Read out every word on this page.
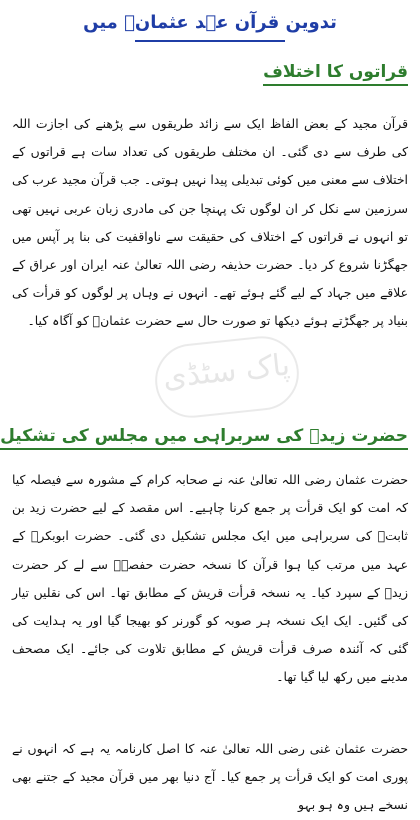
تدوین قرآن عہد عثمانؓ میں
قراتوں کا اختلاف
قرآن مجید کے بعض الفاظ ایک سے زائد طریقوں سے پڑھنے کی اجازت اللہ کی طرف سے دی گئی۔ ان مختلف طریقوں کی تعداد سات ہے قراتوں کے اختلاف سے معنی میں کوئی تبدیلی پیدا نہیں ہوتی۔ جب قرآن مجید عرب کی سرزمین سے نکل کر ان لوگوں تک پہنچا جن کی مادری زبان عربی نہیں تھی تو انہوں نے قراتوں کے اختلاف کی حقیقت سے ناواقفیت کی بنا پر آپس میں جھگڑنا شروع کر دیا۔ حضرت حذیفہ رضی اللہ تعالیٰ عنہ ایران اور عراق کے علاقے میں جہاد کے لیے گئے ہوئے تھے۔ انہوں نے وہاں پر لوگوں کو قرأت کی بنیاد پر جھگڑتے ہوئے دیکھا تو صورت حال سے حضرت عثمانؓ کو آگاہ کیا۔
پاک سٹڈی
حضرت زیدؓ کی سربراہی میں مجلس کی تشکیل
حضرت عثمان رضی اللہ تعالیٰ عنہ نے صحابہ کرام کے مشورہ سے فیصلہ کیا کہ امت کو ایک قرأت پر جمع کرنا چاہیے۔ اس مقصد کے لیے حضرت زید بن ثابتؓ کی سربراہی میں ایک مجلس تشکیل دی گئی۔ حضرت ابوبکرؓ کے عہد میں مرتب کیا ہوا قرآن کا نسخہ حضرت حفصہؓ سے لے کر حضرت زیدؓ کے سپرد کیا۔ یہ نسخہ قرأت قریش کے مطابق تھا۔ اس کی نقلیں تیار کی گئیں۔ ایک ایک نسخہ ہر صوبہ کو گورنر کو بھیجا گیا اور یہ ہدایت کی گئی کہ آئندہ صرف قرأت قریش کے مطابق تلاوت کی جائے۔ ایک مصحف مدینے میں رکھ لیا گیا تھا۔
حضرت عثمان غنی رضی اللہ تعالیٰ عنہ کا اصل کارنامہ یہ ہے کہ انہوں نے پوری امت کو ایک قرأت پر جمع کیا۔ آج دنیا بھر میں قرآن مجید کے جتنے بھی نسخے ہیں وہ ہو بہو
